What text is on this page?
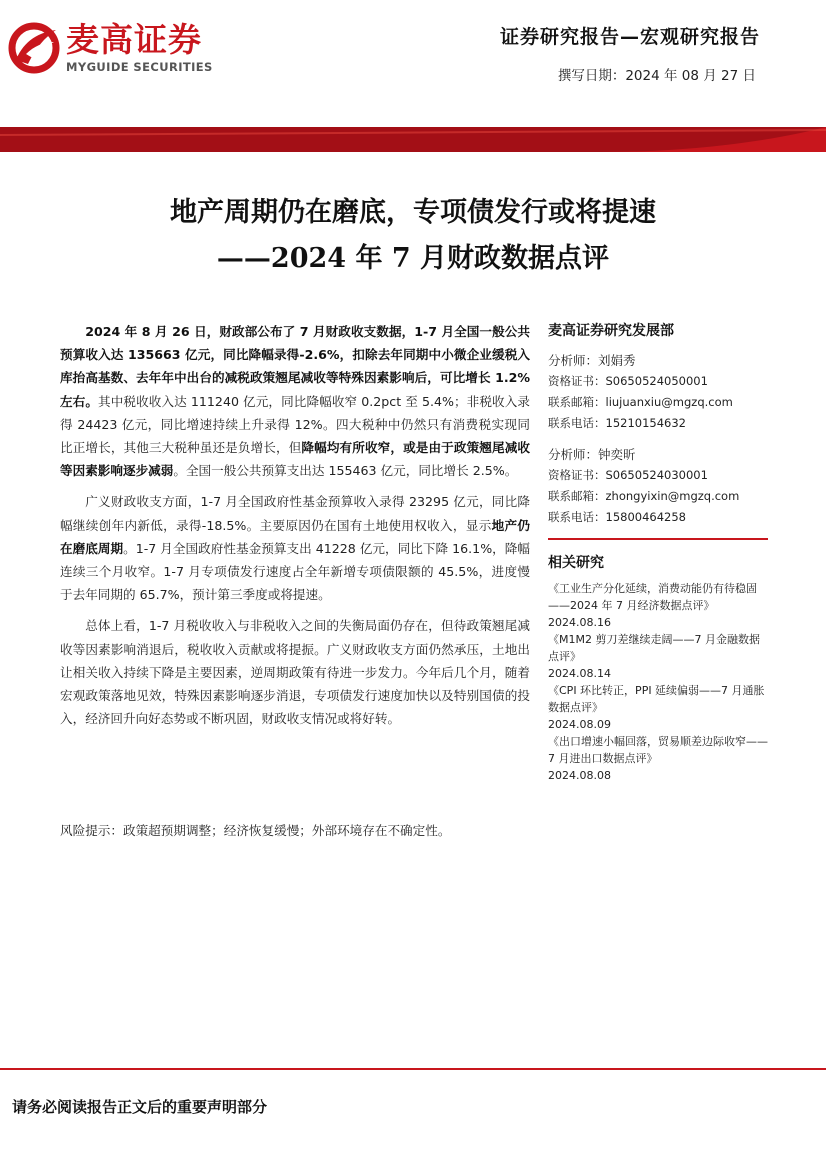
麦高证券
MYGUIDE SECURITIES
证券研究报告—宏观研究报告
撰写日期：2024 年 08 月 27 日
地产周期仍在磨底，专项债发行或将提速
——2024 年 7 月财政数据点评

2024 年 8 月 26 日，财政部公布了 7 月财政收支数据，1-7 月全国一般公共预算收入达 135663 亿元，同比降幅录得-2.6%，扣除去年同期中小微企业缓税入库抬高基数、去年年中出台的减税政策翘尾减收等特殊因素影响后，可比增长 1.2%左右。其中税收收入达 111240 亿元，同比降幅收窄 0.2pct 至 5.4%；非税收入录得 24423 亿元，同比增速持续上升录得 12%。四大税种中仍然只有消费税实现同比正增长，其他三大税种虽还是负增长，但降幅均有所收窄，或是由于政策翘尾减收等因素影响逐步减弱。全国一般公共预算支出达 155463 亿元，同比增长 2.5%。

广义财政收支方面，1-7 月全国政府性基金预算收入录得 23295 亿元，同比降幅继续创年内新低，录得-18.5%。主要原因仍在国有土地使用权收入，显示地产仍在磨底周期。1-7 月全国政府性基金预算支出 41228 亿元，同比下降 16.1%，降幅连续三个月收窄。1-7 月专项债发行速度占全年新增专项债限额的 45.5%，进度慢于去年同期的 65.7%，预计第三季度或将提速。

总体上看，1-7 月税收收入与非税收入之间的失衡局面仍存在，但待政策翘尾减收等因素影响消退后，税收收入贡献或将提振。广义财政收支方面仍然承压，土地出让相关收入持续下降是主要因素，逆周期政策有待进一步发力。今年后几个月，随着宏观政策落地见效，特殊因素影响逐步消退，专项债发行速度加快以及特别国债的投入，经济回升向好态势或不断巩固，财政收支情况或将好转。

风险提示：政策超预期调整；经济恢复缓慢；外部环境存在不确定性。
麦高证券研究发展部
分析师：刘娟秀
资格证书：S0650524050001
联系邮箱：liujuanxiu@mgzq.com
联系电话：15210154632
分析师：钟奕昕
资格证书：S0650524030001
联系邮箱：zhongyixin@mgzq.com
联系电话：15800464258
相关研究
《工业生产分化延续，消费动能仍有待稳固——2024 年 7 月经济数据点评》
2024.08.16
《M1M2 剪刀差继续走阔——7 月金融数据点评》
2024.08.14
《CPI 环比转正，PPI 延续偏弱——7 月通胀数据点评》
2024.08.09
《出口增速小幅回落，贸易顺差边际收窄——7 月进出口数据点评》
2024.08.08
请务必阅读报告正文后的重要声明部分
